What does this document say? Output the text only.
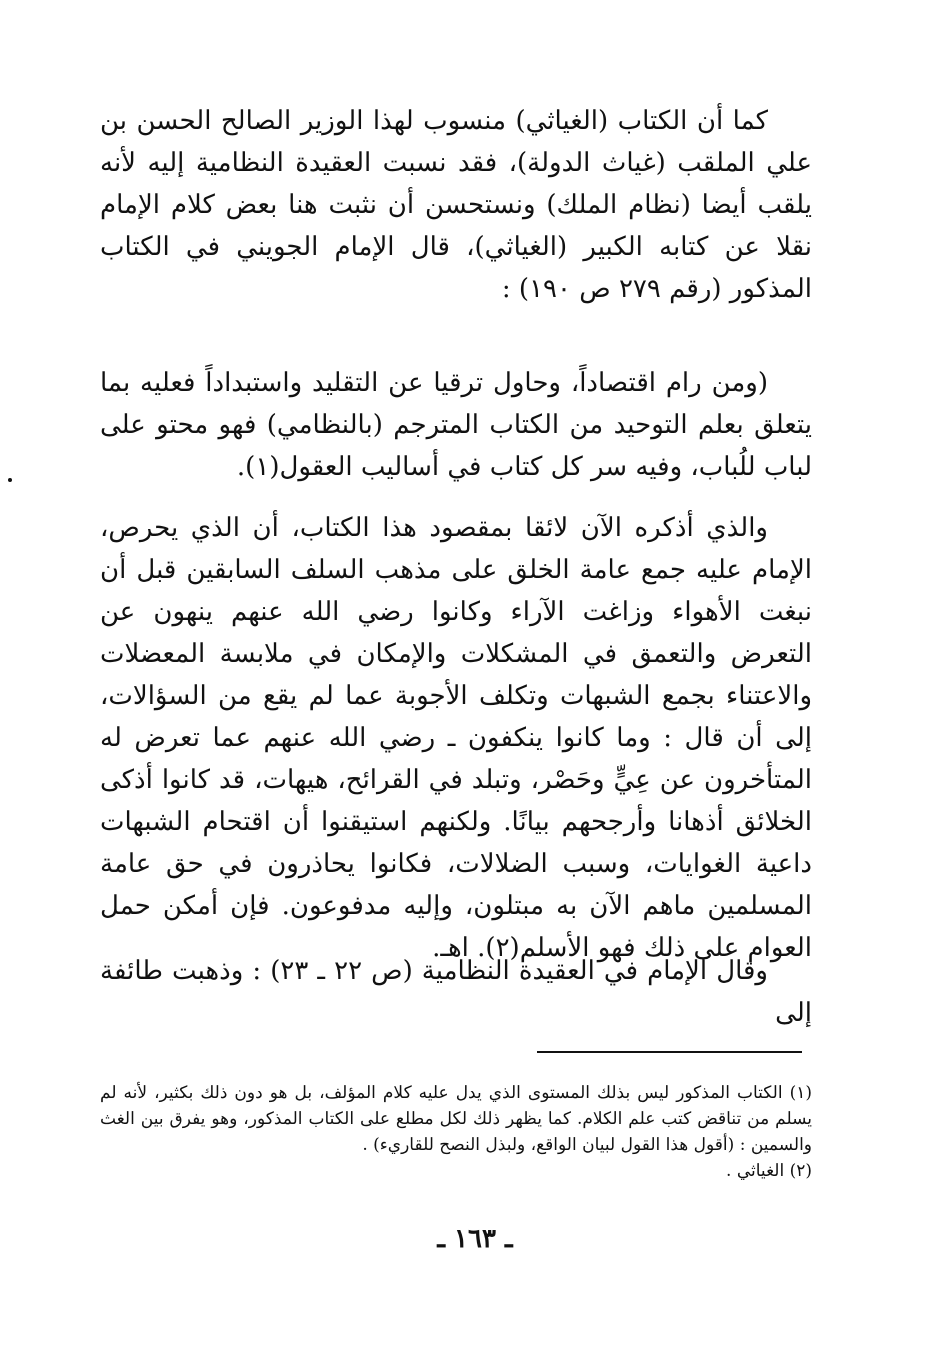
كما أن الكتاب (الغياثي) منسوب لهذا الوزير الصالح الحسن بن علي الملقب (غياث الدولة)، فقد نسبت العقيدة النظامية إليه لأنه يلقب أيضا (نظام الملك) ونستحسن أن نثبت هنا بعض كلام الإمام نقلا عن كتابه الكبير (الغياثي)، قال الإمام الجويني في الكتاب المذكور (رقم ٢٧٩ ص ١٩٠) :

(ومن رام اقتصاداً، وحاول ترقيا عن التقليد واستبداداً فعليه بما يتعلق بعلم التوحيد من الكتاب المترجم (بالنظامي) فهو محتو على لباب للُباب، وفيه سر كل كتاب في أساليب العقول(١).

والذي أذكره الآن لائقا بمقصود هذا الكتاب، أن الذي يحرص، الإمام عليه جمع عامة الخلق على مذهب السلف السابقين قبل أن نبغت الأهواء وزاغت الآراء وكانوا رضي الله عنهم ينهون عن التعرض والتعمق في المشكلات والإمكان في ملابسة المعضلات والاعتناء بجمع الشبهات وتكلف الأجوبة عما لم يقع من السؤالات، إلى أن قال : وما كانوا ينكفون ـ رضي الله عنهم عما تعرض له المتأخرون عن عِيٍّ وحَصْر، وتبلد في القرائح، هيهات، قد كانوا أذكى الخلائق أذهانا وأرجحهم بيانًا. ولكنهم استيقنوا أن اقتحام الشبهات داعية الغوايات، وسبب الضلالات، فكانوا يحاذرون في حق عامة المسلمين ماهم الآن به مبتلون، وإليه مدفوعون. فإن أمكن حمل العوام على ذلك فهو الأسلم(٢). اهـ.

وقال الإمام في العقيدة النظامية (ص ٢٢ ـ ٢٣) : وذهبت طائفة إلى

(١) الكتاب المذكور ليس بذلك المستوى الذي يدل عليه كلام المؤلف، بل هو دون ذلك بكثير، لأنه لم يسلم من تناقض كتب علم الكلام. كما يظهر ذلك لكل مطلع على الكتاب المذكور، وهو يفرق بين الغث والسمين : (أقول هذا القول لبيان الواقع، ولبذل النصح للقاريء) .

(٢) الغياثي .

ـ ١٦٣ ـ
